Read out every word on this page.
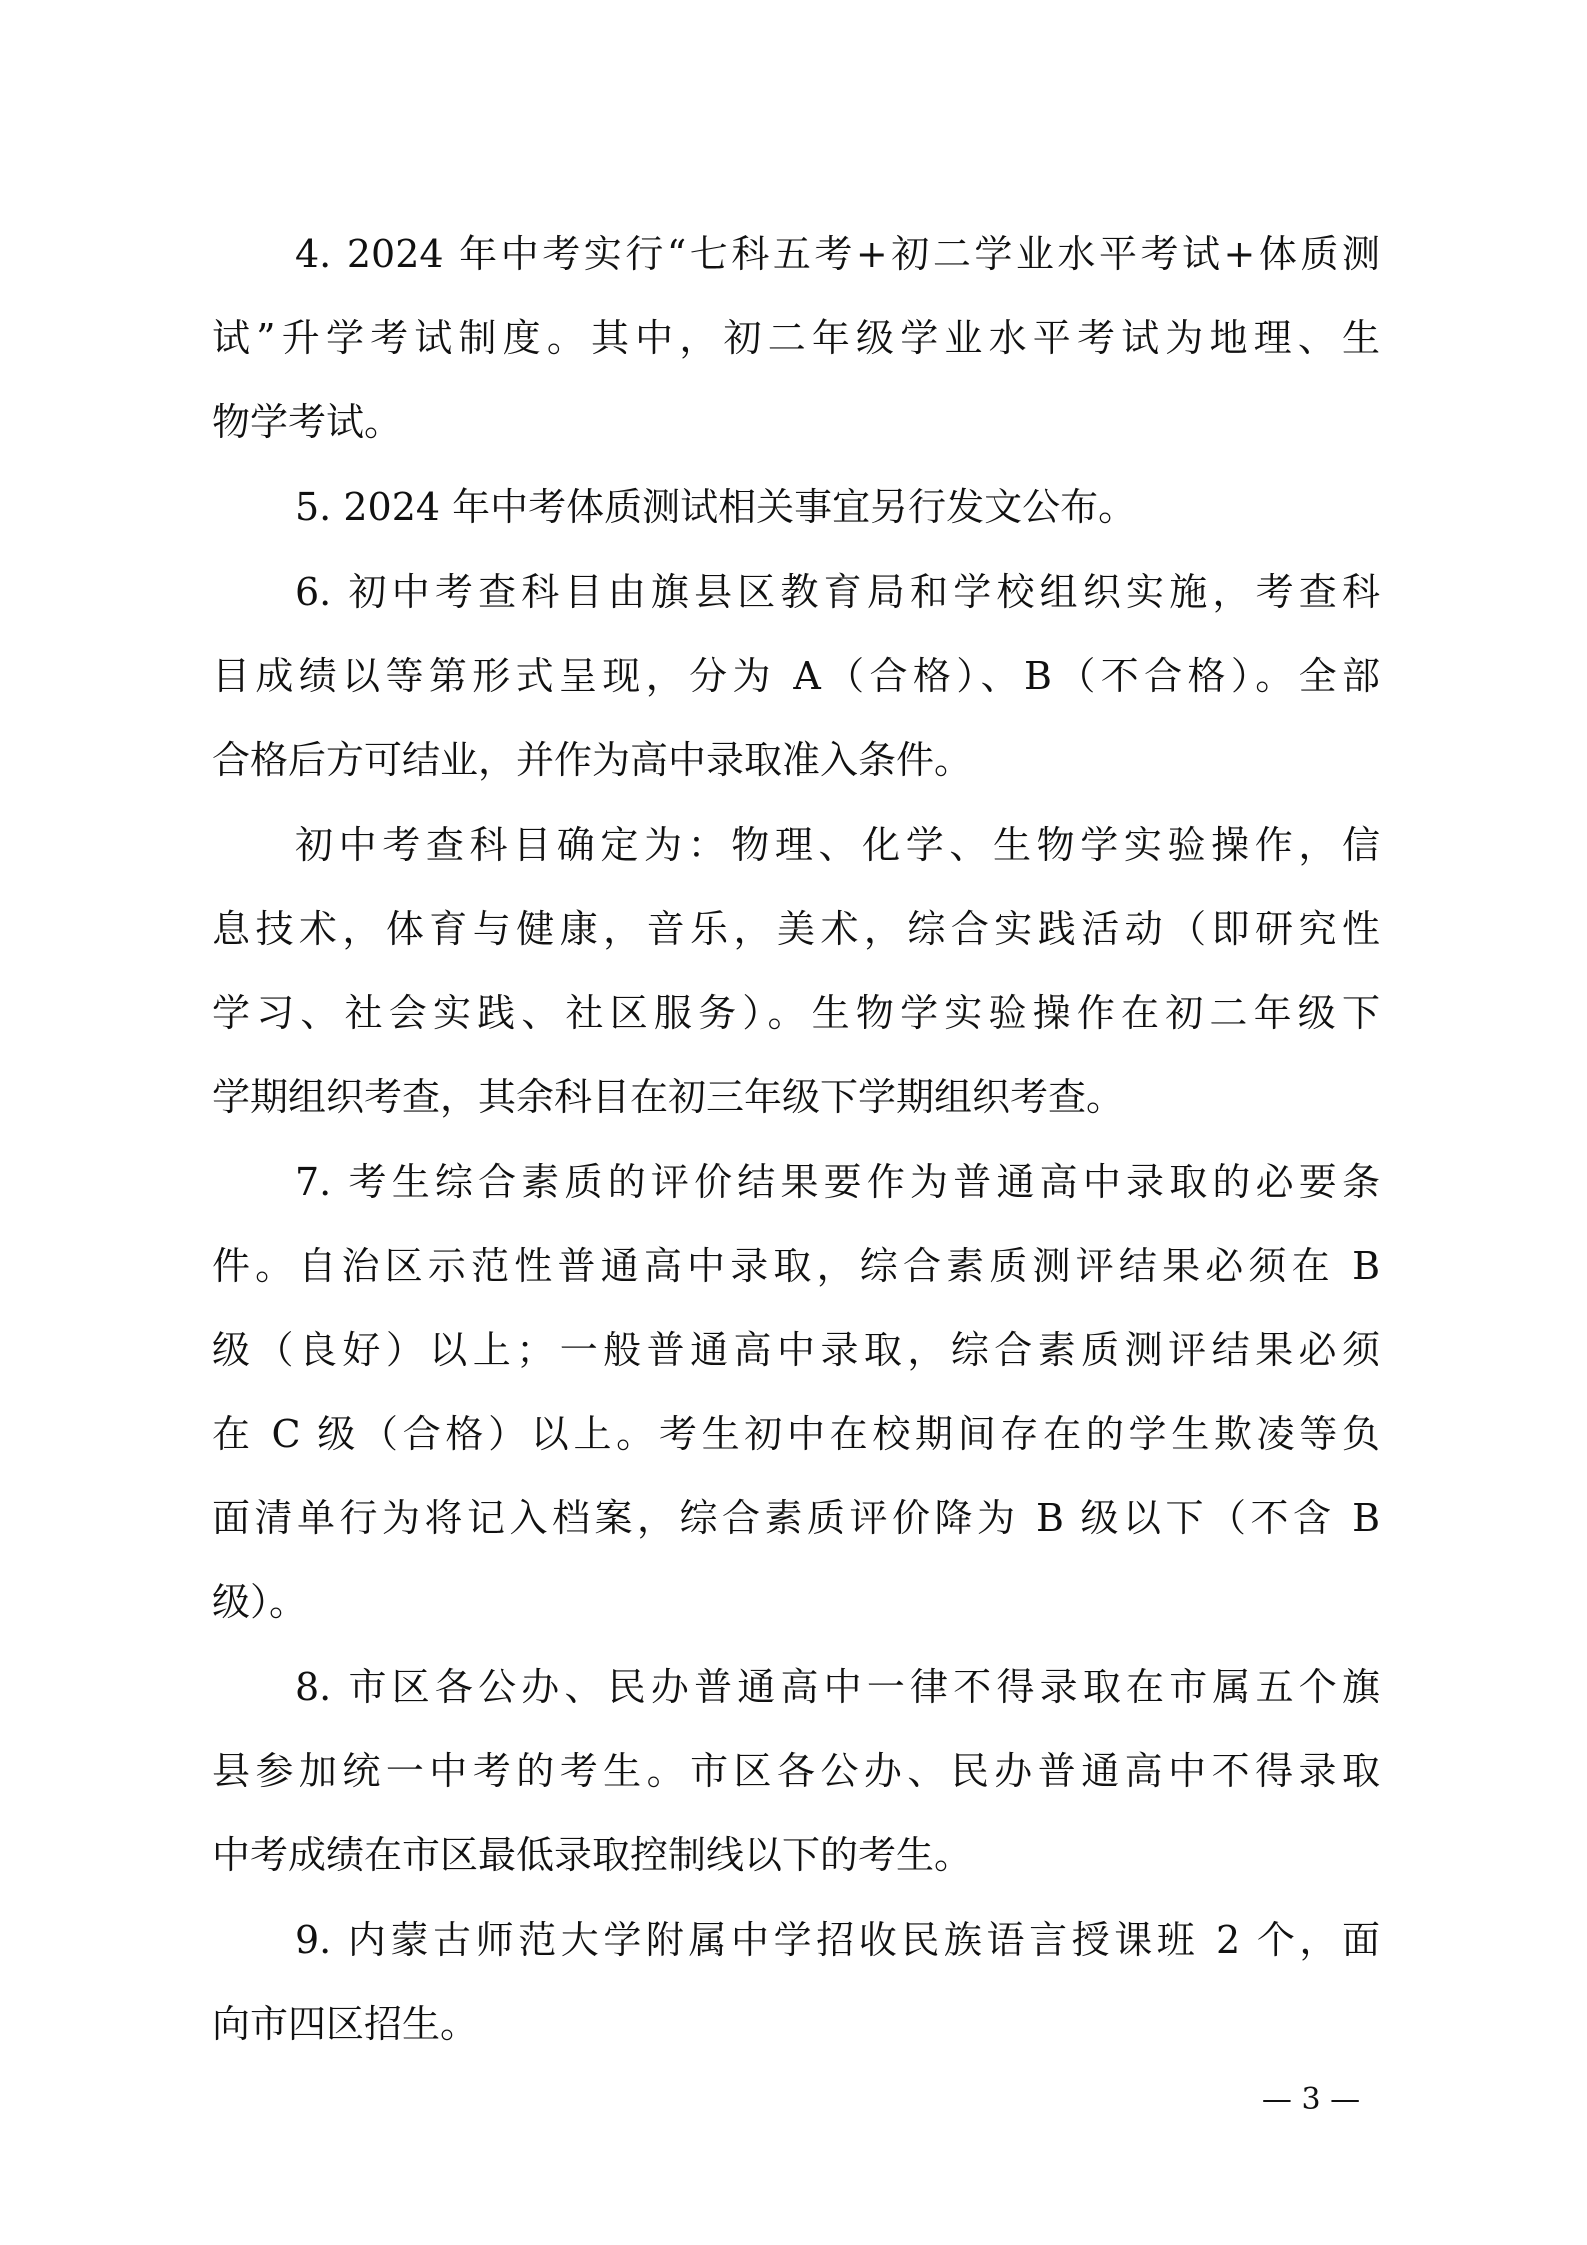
4. 2024 年中考实行“七科五考+初二学业水平考试+体质测
试”升学考试制度。其中，初二年级学业水平考试为地理、生
物学考试。
5. 2024 年中考体质测试相关事宜另行发文公布。
6. 初中考查科目由旗县区教育局和学校组织实施，考查科
目成绩以等第形式呈现，分为 A（合格）、B（不合格）。全部
合格后方可结业，并作为高中录取准入条件。
初中考查科目确定为：物理、化学、生物学实验操作，信
息技术，体育与健康，音乐，美术，综合实践活动（即研究性
学习、社会实践、社区服务）。生物学实验操作在初二年级下
学期组织考查，其余科目在初三年级下学期组织考查。
7. 考生综合素质的评价结果要作为普通高中录取的必要条
件。自治区示范性普通高中录取，综合素质测评结果必须在 B
级（良好）以上；一般普通高中录取，综合素质测评结果必须
在 C 级（合格）以上。考生初中在校期间存在的学生欺凌等负
面清单行为将记入档案，综合素质评价降为 B 级以下（不含 B
级）。
8. 市区各公办、民办普通高中一律不得录取在市属五个旗
县参加统一中考的考生。市区各公办、民办普通高中不得录取
中考成绩在市区最低录取控制线以下的考生。
9. 内蒙古师范大学附属中学招收民族语言授课班 2 个，面
向市四区招生。
— 3 —
